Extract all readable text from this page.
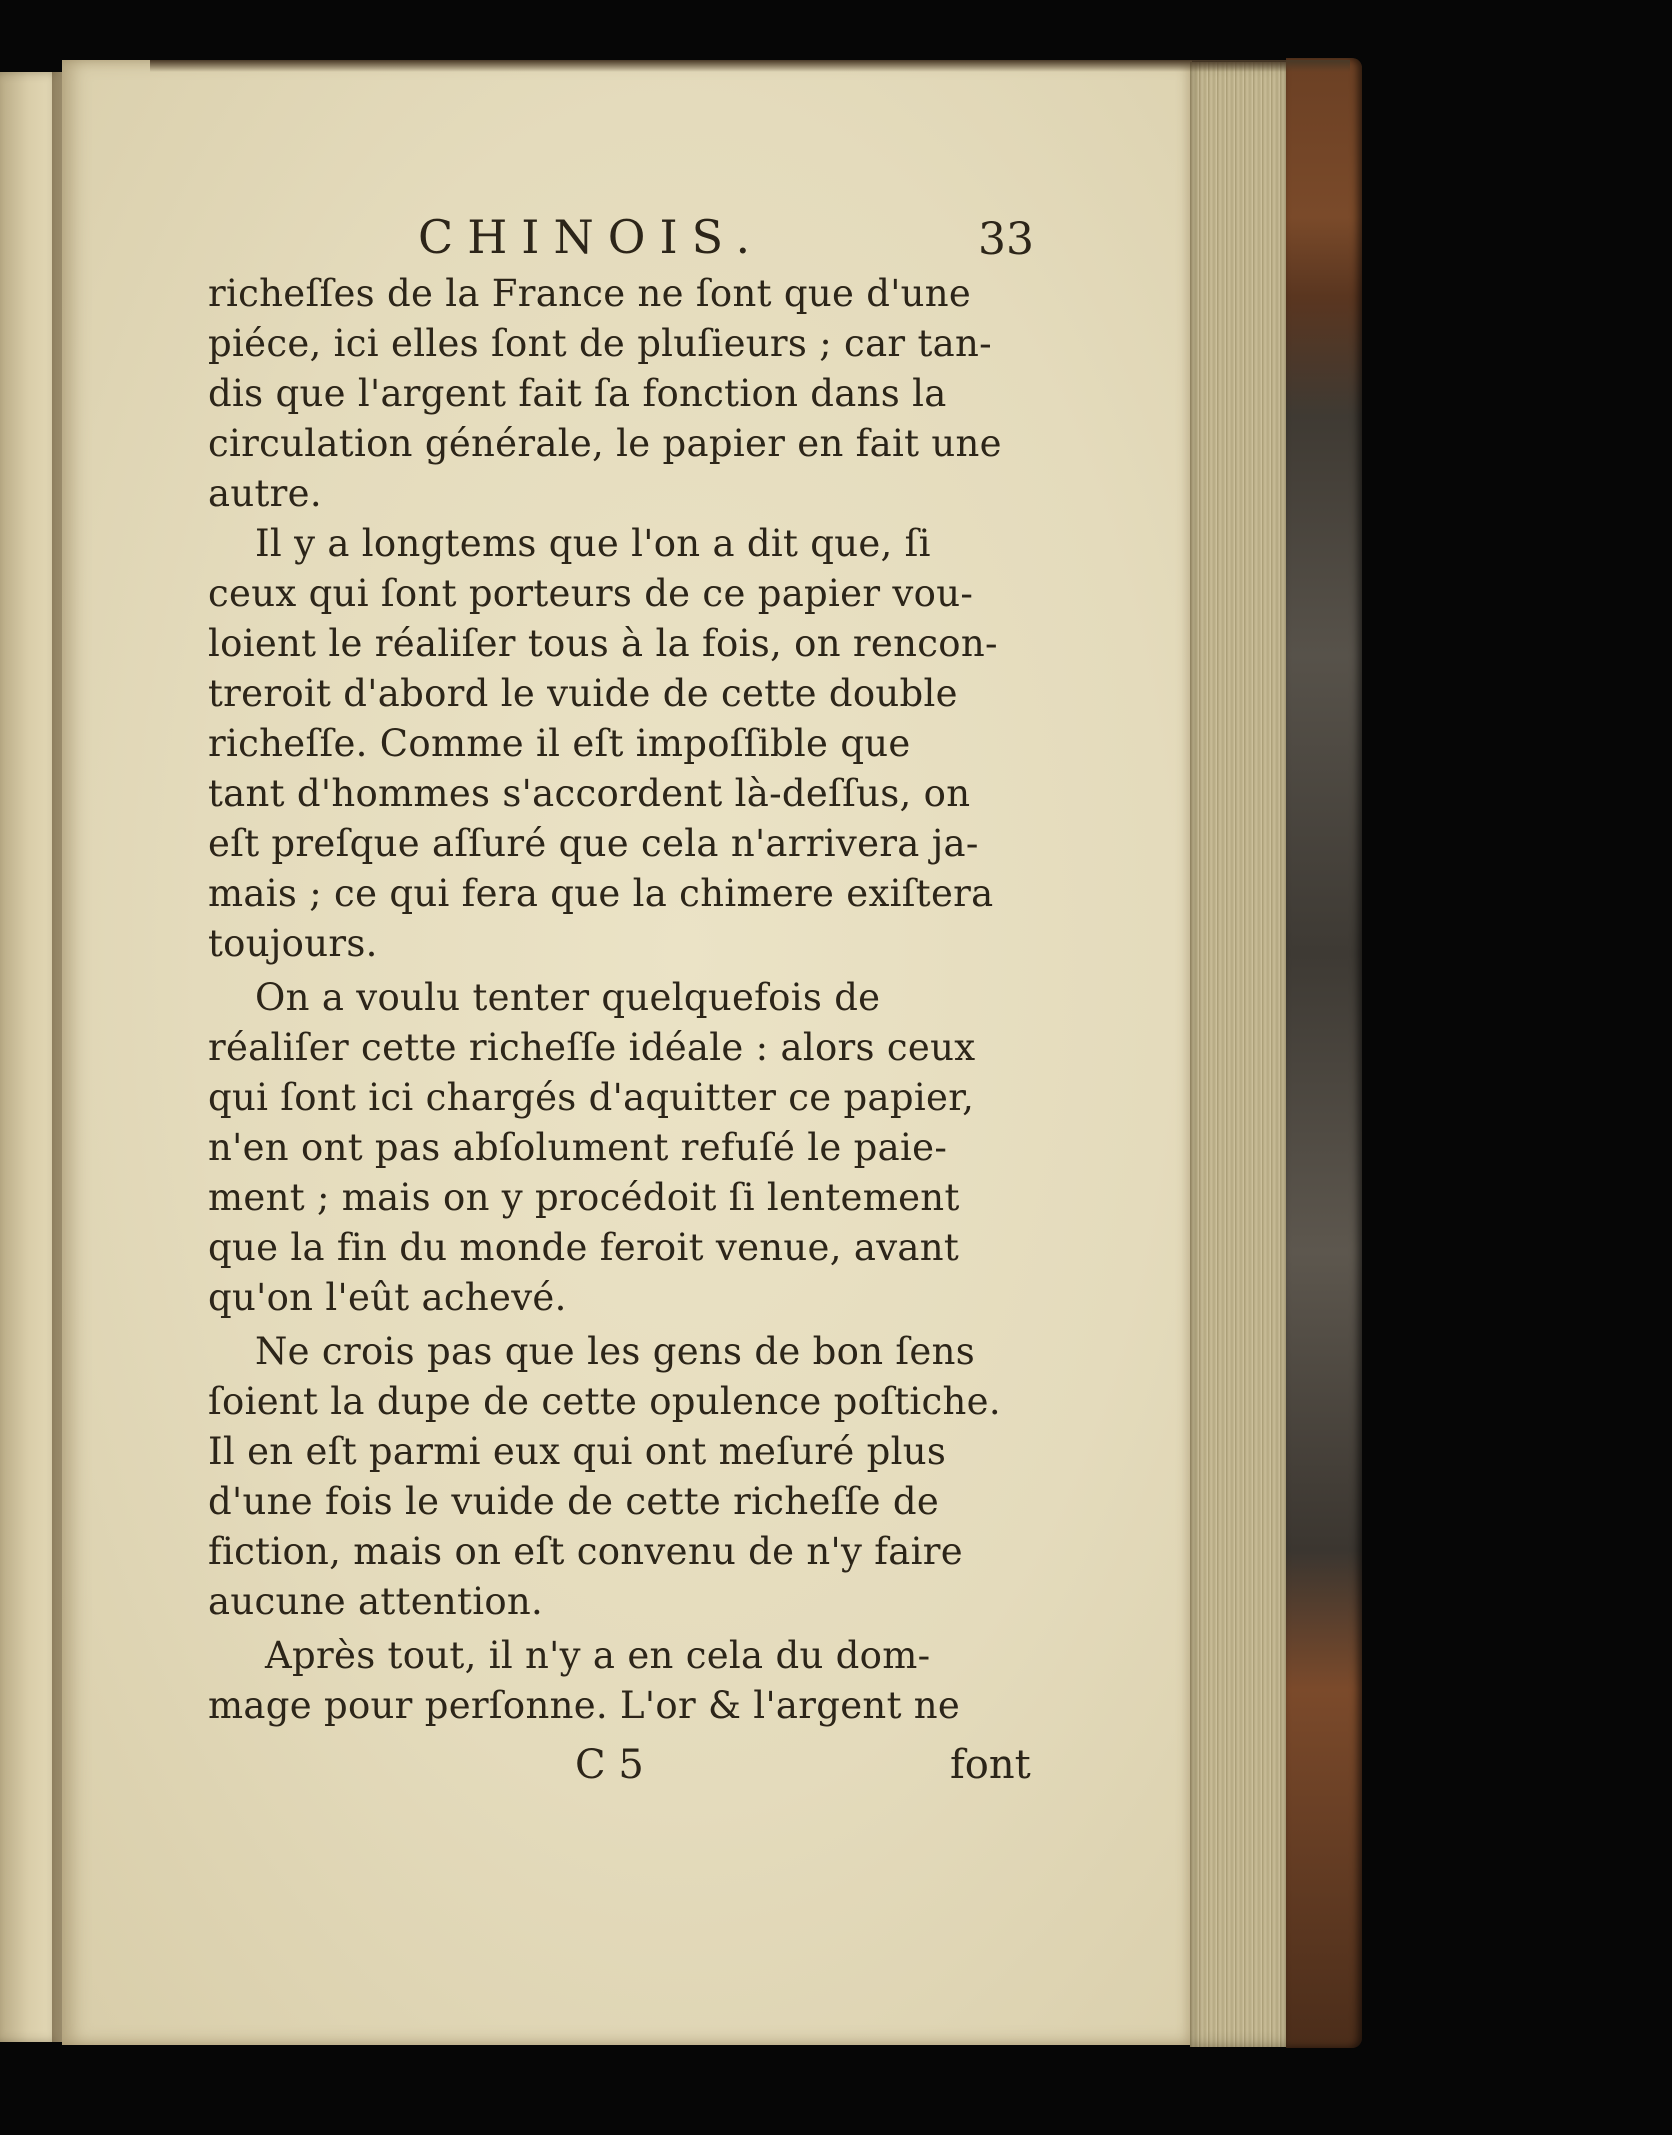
CHINOIS.	33
richeſſes de la France ne ſont que d'une
piéce, ici elles ſont de pluſieurs ; car tan-
dis que l'argent fait ſa fonction dans la
circulation générale, le papier en fait une
autre.
Il y a longtems que l'on a dit que, ſi
ceux qui ſont porteurs de ce papier vou-
loient le réaliſer tous à la fois, on rencon-
treroit d'abord le vuide de cette double
richeſſe. Comme il eſt impoſſible que
tant d'hommes s'accordent là-deſſus, on
eſt preſque aſſuré que cela n'arrivera ja-
mais ; ce qui fera que la chimere exiſtera
toujours.
On a voulu tenter quelquefois de
réaliſer cette richeſſe idéale : alors ceux
qui ſont ici chargés d'aquitter ce papier,
n'en ont pas abſolument refuſé le paie-
ment ; mais on y procédoit ſi lentement
que la fin du monde feroit venue, avant
qu'on l'eût achevé.
Ne crois pas que les gens de bon ſens
ſoient la dupe de cette opulence poſtiche.
Il en eſt parmi eux qui ont meſuré plus
d'une fois le vuide de cette richeſſe de
fiction, mais on eſt convenu de n'y faire
aucune attention.
Après tout, il n'y a en cela du dom-
mage pour perſonne. L'or & l'argent ne
C 5	font
